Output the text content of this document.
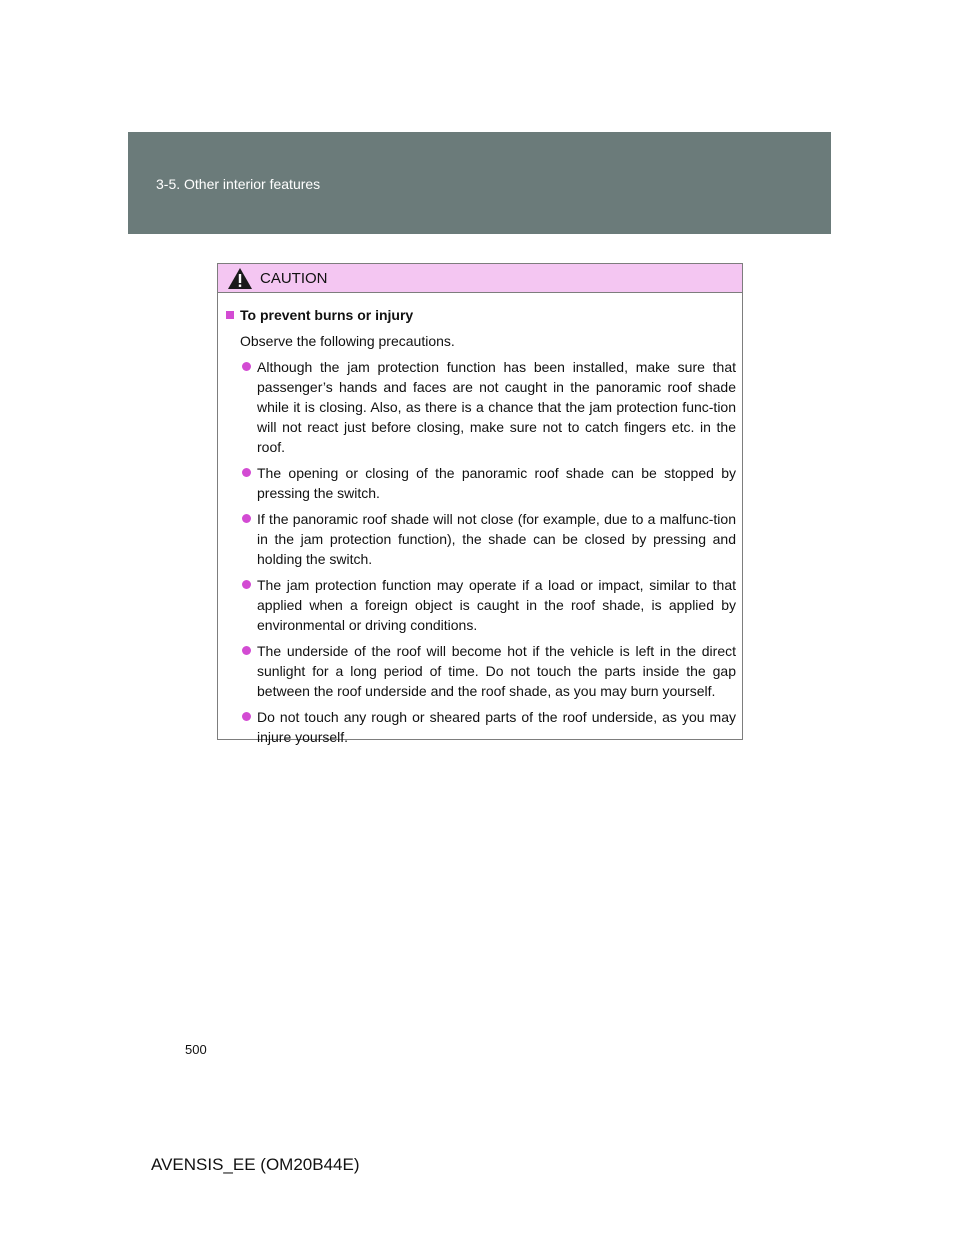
3-5. Other interior features
CAUTION
To prevent burns or injury

Observe the following precautions.

Although the jam protection function has been installed, make sure that passenger’s hands and faces are not caught in the panoramic roof shade while it is closing. Also, as there is a chance that the jam protection func-tion will not react just before closing, make sure not to catch fingers etc. in the roof.
The opening or closing of the panoramic roof shade can be stopped by pressing the switch.
If the panoramic roof shade will not close (for example, due to a malfunc-tion in the jam protection function), the shade can be closed by pressing and holding the switch.
The jam protection function may operate if a load or impact, similar to that applied when a foreign object is caught in the roof shade, is applied by environmental or driving conditions.
The underside of the roof will become hot if the vehicle is left in the direct sunlight for a long period of time. Do not touch the parts inside the gap between the roof underside and the roof shade, as you may burn yourself.
Do not touch any rough or sheared parts of the roof underside, as you may injure yourself.
500
AVENSIS_EE (OM20B44E)
